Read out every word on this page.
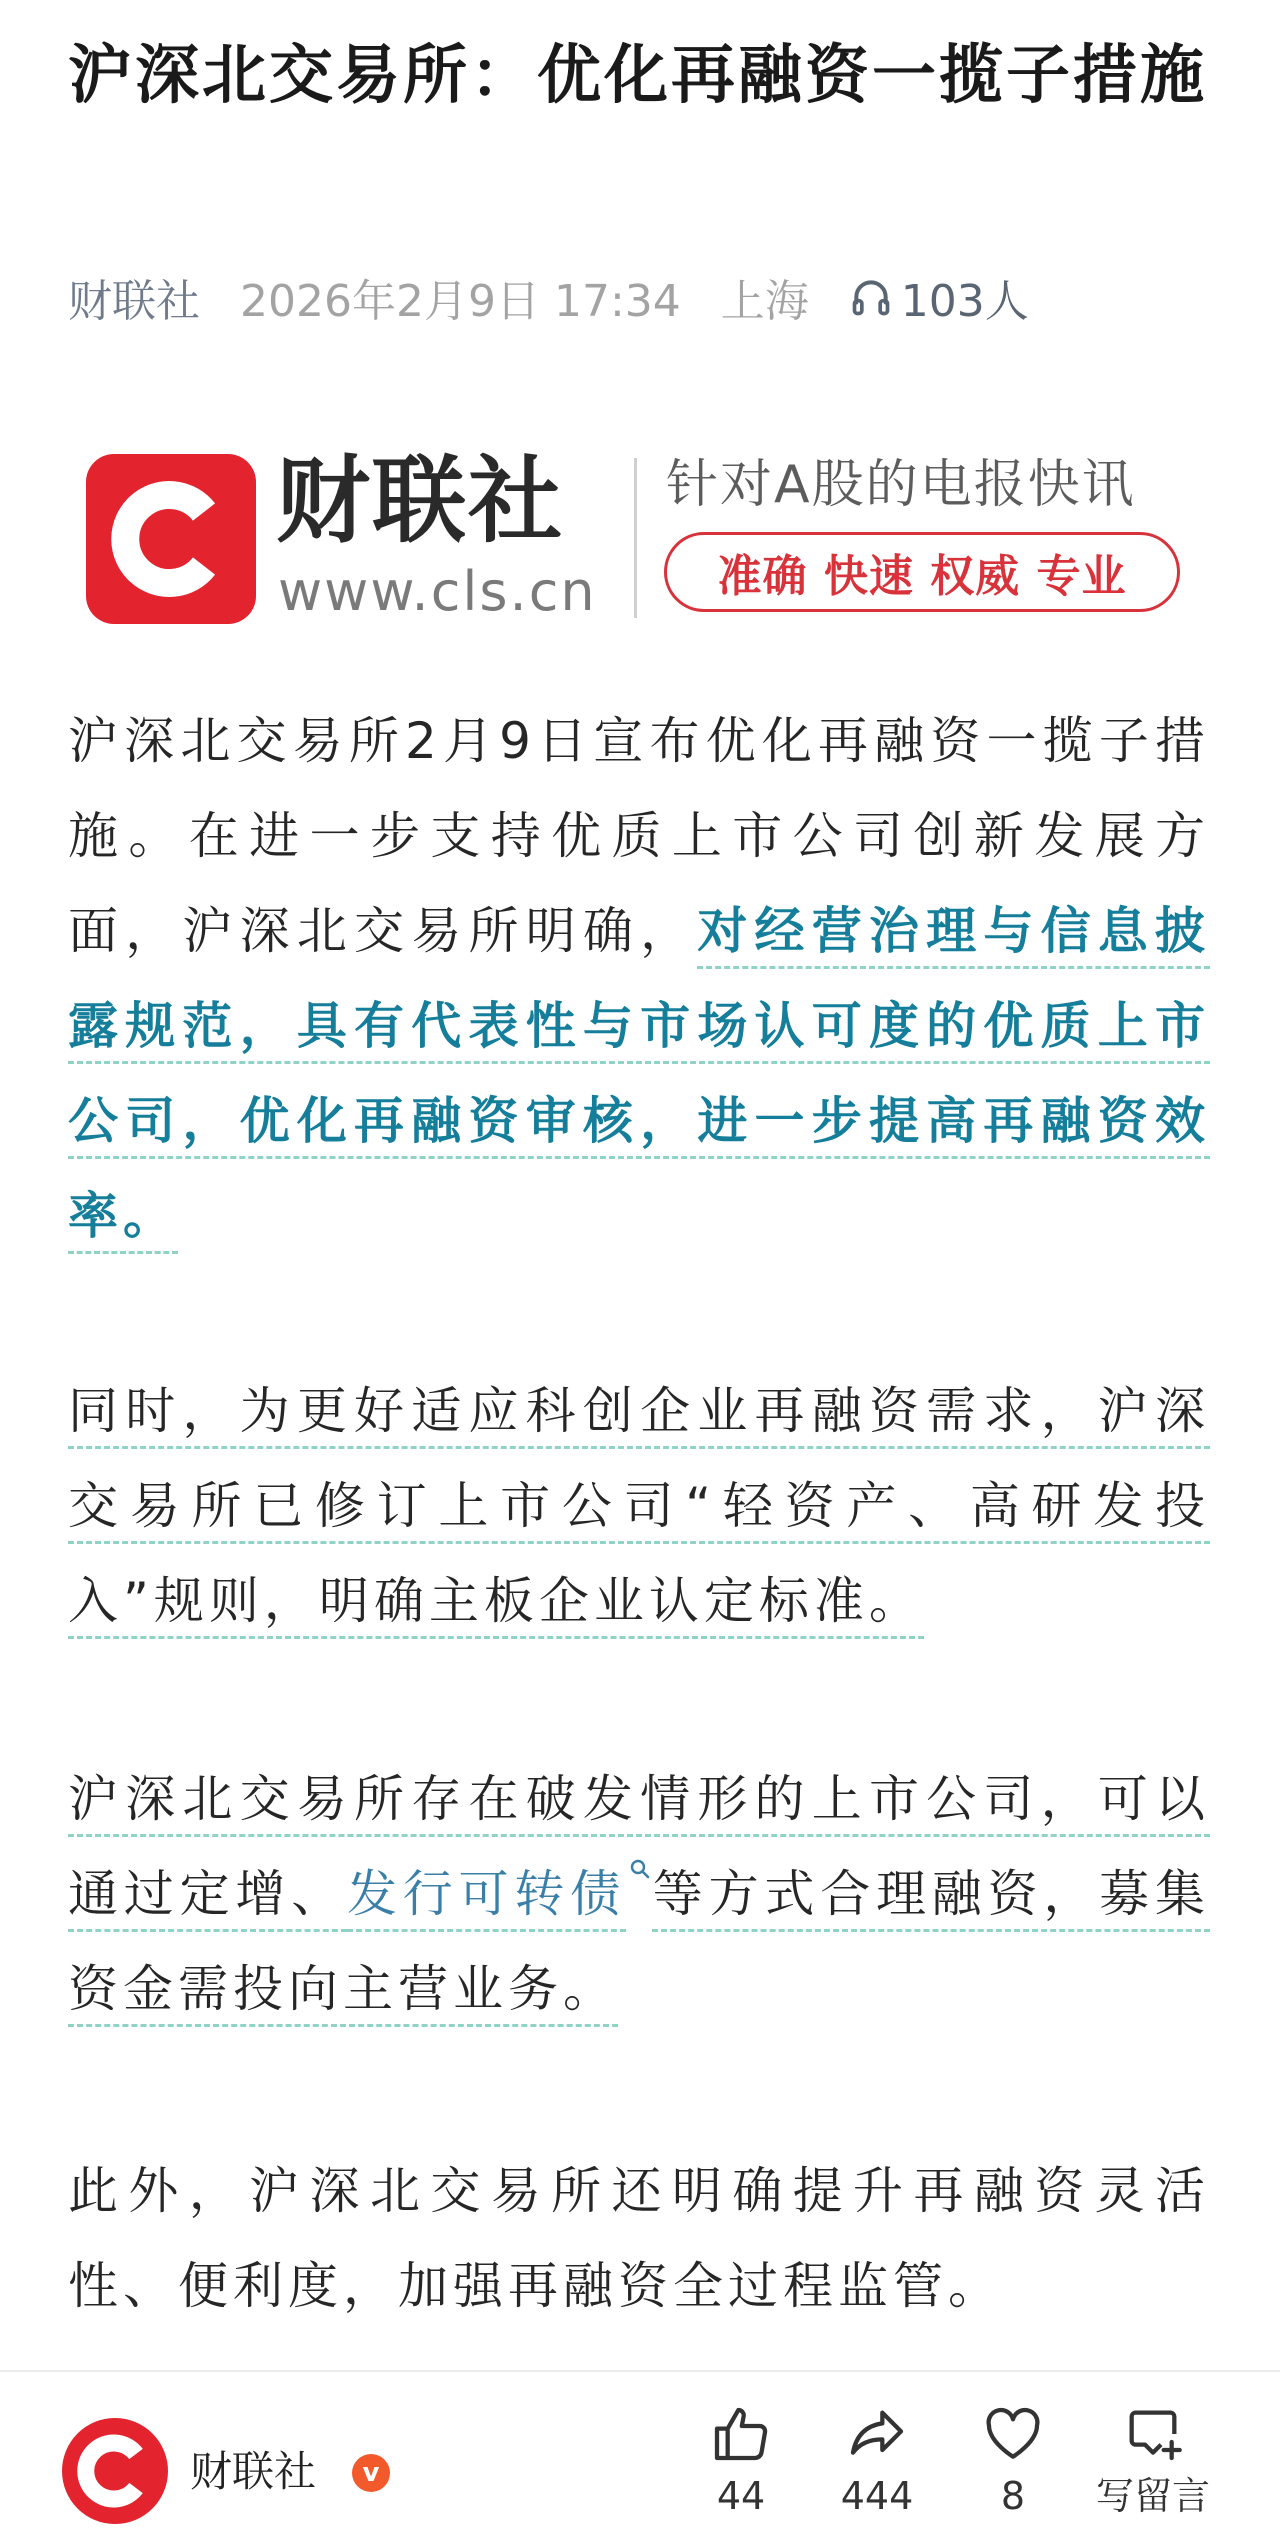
沪深北交易所：优化再融资一揽子措施
财联社 2026年2月9日 17:34 上海 103人
财联社
www.cls.cn
针对A股的电报快讯
准确 快速 权威 专业

沪深北交易所2月9日宣布优化再融资一揽子措施。在进一步支持优质上市公司创新发展方面，沪深北交易所明确，对经营治理与信息披露规范，具有代表性与市场认可度的优质上市公司，优化再融资审核，进一步提高再融资效率。

同时，为更好适应科创企业再融资需求，沪深交易所已修订上市公司“轻资产、高研发投入”规则，明确主板企业认定标准。

沪深北交易所存在破发情形的上市公司，可以通过定增、发行可转债 等方式合理融资，募集资金需投向主营业务。

此外，沪深北交易所还明确提升再融资灵活性、便利度，加强再融资全过程监管。

财联社	v
44	444	8	写留言
